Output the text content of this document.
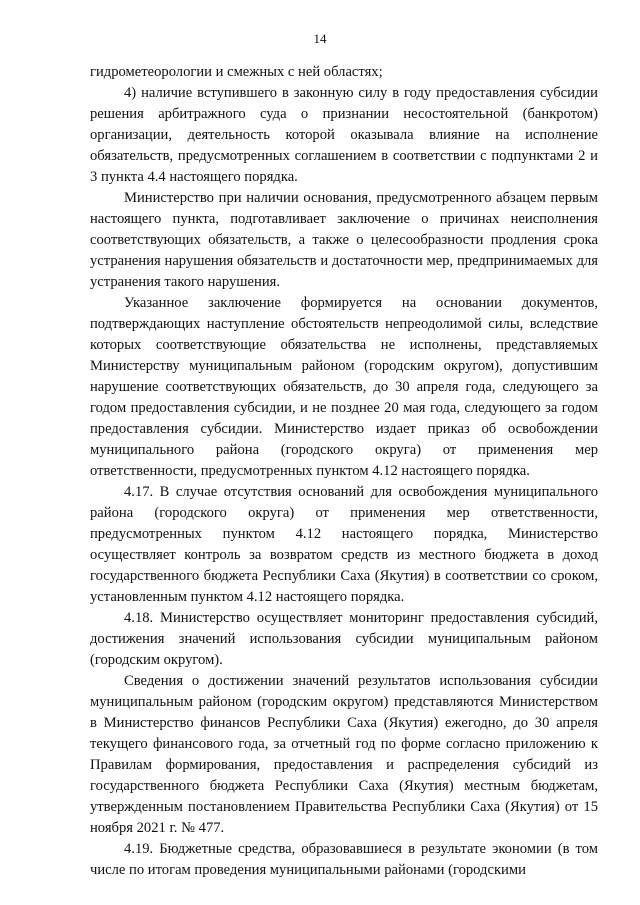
14

гидрометеорологии и смежных с ней областях;

4) наличие вступившего в законную силу в году предоставления субсидии решения арбитражного суда о признании несостоятельной (банкротом) организации, деятельность которой оказывала влияние на исполнение обязательств, предусмотренных соглашением в соответствии с подпунктами 2 и 3 пункта 4.4 настоящего порядка.

Министерство при наличии основания, предусмотренного абзацем первым настоящего пункта, подготавливает заключение о причинах неисполнения соответствующих обязательств, а также о целесообразности продления срока устранения нарушения обязательств и достаточности мер, предпринимаемых для устранения такого нарушения.

Указанное заключение формируется на основании документов, подтверждающих наступление обстоятельств непреодолимой силы, вследствие которых соответствующие обязательства не исполнены, представляемых Министерству муниципальным районом (городским округом), допустившим нарушение соответствующих обязательств, до 30 апреля года, следующего за годом предоставления субсидии, и не позднее 20 мая года, следующего за годом предоставления субсидии. Министерство издает приказ об освобождении муниципального района (городского округа) от применения мер ответственности, предусмотренных пунктом 4.12 настоящего порядка.

4.17. В случае отсутствия оснований для освобождения муниципального района (городского округа) от применения мер ответственности, предусмотренных пунктом 4.12 настоящего порядка, Министерство осуществляет контроль за возвратом средств из местного бюджета в доход государственного бюджета Республики Саха (Якутия) в соответствии со сроком, установленным пунктом 4.12 настоящего порядка.

4.18. Министерство осуществляет мониторинг предоставления субсидий, достижения значений использования субсидии муниципальным районом (городским округом).

Сведения о достижении значений результатов использования субсидии муниципальным районом (городским округом) представляются Министерством в Министерство финансов Республики Саха (Якутия) ежегодно, до 30 апреля текущего финансового года, за отчетный год по форме согласно приложению к Правилам формирования, предоставления и распределения субсидий из государственного бюджета Республики Саха (Якутия) местным бюджетам, утвержденным постановлением Правительства Республики Саха (Якутия) от 15 ноября 2021 г. № 477.

4.19. Бюджетные средства, образовавшиеся в результате экономии (в том числе по итогам проведения муниципальными районами (городскими
